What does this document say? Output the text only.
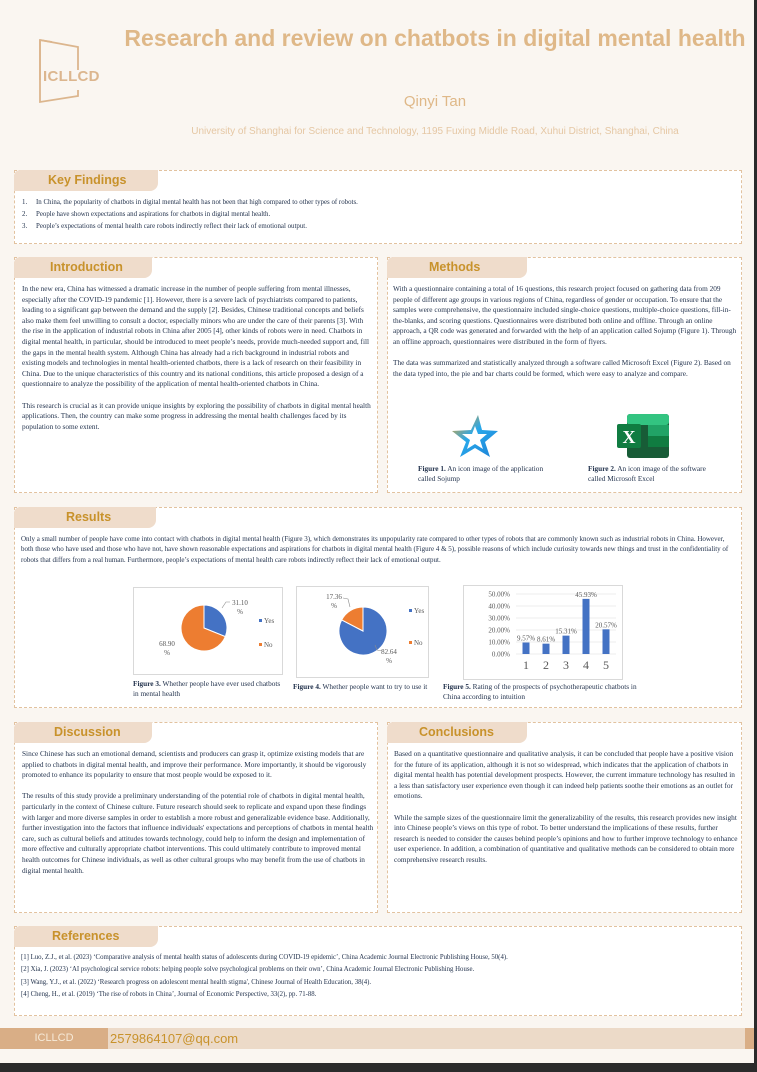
ICLLCD
Research and review on chatbots in digital mental health
Qinyi Tan
University of Shanghai for Science and Technology, 1195 Fuxing Middle Road, Xuhui District, Shanghai, China
Key Findings
1. In China, the popularity of chatbots in digital mental health has not been that high compared to other types of robots.
2. People have shown expectations and aspirations for chatbots in digital mental health.
3. People’s expectations of mental health care robots indirectly reflect their lack of emotional output.
Introduction

In the new era, China has witnessed a dramatic increase in the number of people suffering from mental illnesses, especially after the COVID-19 pandemic [1]. However, there is a severe lack of psychiatrists compared to patients, leading to a significant gap between the demand and the supply [2]. Besides, Chinese traditional concepts and beliefs also make them feel unwilling to consult a doctor, especially minors who are under the care of their parents [3]. With the rise in the application of industrial robots in China after 2005 [4], other kinds of robots were in need. Chatbots in digital mental health, in particular, should be introduced to meet people’s needs, provide much-needed support and, fill the gaps in the mental health system. Although China has already had a rich background in industrial robots and existing models and technologies in mental health-oriented chatbots, there is a lack of research on their feasibility in China. Due to the unique characteristics of this country and its national conditions, this article proposed a design of a questionnaire to analyze the possibility of the application of mental health-oriented chatbots in China.

This research is crucial as it can provide unique insights by exploring the possibility of chatbots in digital mental health applications. Then, the country can make some progress in addressing the mental health challenges faced by its population to some extent.

Methods

With a questionnaire containing a total of 16 questions, this research project focused on gathering data from 209 people of different age groups in various regions of China, regardless of gender or occupation. To ensure that the samples were comprehensive, the questionnaire included single-choice questions, multiple-choice questions, fill-in-the-blanks, and scoring questions. Questionnaires were distributed both online and offline. Through an online approach, a QR code was generated and forwarded with the help of an application called Sojump (Figure 1). Through an offline approach, questionnaires were distributed in the form of flyers.

The data was summarized and statistically analyzed through a software called Microsoft Excel (Figure 2). Based on the data typed into, the pie and bar charts could be formed, which were easy to analyze and compare.

Figure 1. An icon image of the application called Sojump
X
Figure 2. An icon image of the software called Microsoft Excel
Results

Only a small number of people have come into contact with chatbots in digital mental health (Figure 3), which demonstrates its unpopularity rate compared to other types of robots that are commonly known such as industrial robots in China. However, both those who have used and those who have not, have shown reasonable expectations and aspirations for chatbots in digital mental health (Figure 4 & 5), possible reasons of which include curiosity towards new things and trust in the confidentiality of robots that differs from a real human. Furthermore, people’s expectations of mental health care robots indirectly reflect their lack of emotional output.

31.10
%
68.90
%
Yes
No
Figure 3. Whether people have ever used chatbots in mental health
82.64
%
17.36
%
Yes
No
Figure 4. Whether people want to try to use it
0.00%
10.00%
20.00%
30.00%
40.00%
50.00%
9.57%
1
8.61%
2
15.31%
3
45.93%
4
20.57%
5
Figure 5. Rating of the prospects of psychotherapeutic chatbots in China according to intuition
Discussion

Since Chinese has such an emotional demand, scientists and producers can grasp it, optimize existing models that are applied to chatbots in digital mental health, and improve their performance. More importantly, it should be vigorously promoted to enhance its popularity to ensure that most people would be exposed to it.

The results of this study provide a preliminary understanding of the potential role of chatbots in digital mental health, particularly in the context of Chinese culture. Future research should seek to replicate and expand upon these findings with larger and more diverse samples in order to establish a more robust and generalizable evidence base. Additionally, further investigation into the factors that influence individuals' expectations and perceptions of chatbots in mental health care, such as cultural beliefs and attitudes towards technology, could help to inform the design and implementation of more effective and culturally appropriate chatbot interventions. This could ultimately contribute to improved mental health outcomes for Chinese individuals, as well as other cultural groups who may benefit from the use of chatbots in digital mental health.

Conclusions

Based on a quantitative questionnaire and qualitative analysis, it can be concluded that people have a positive vision for the future of its application, although it is not so widespread, which indicates that the application of chatbots in digital mental health has potential development prospects. However, the current immature technology has resulted in a less than satisfactory user experience even though it can indeed help patients soothe their emotions as an outlet for emotions.

While the sample sizes of the questionnaire limit the generalizability of the results, this research provides new insight into Chinese people’s views on this type of robot. To better understand the implications of these results, further research is needed to consider the causes behind people’s opinions and how to further improve technology to enhance user experience. In addition, a combination of quantitative and qualitative methods can be considered to obtain more comprehensive research results.

References
[1] Luo, Z.J., et al. (2023) ‘Comparative analysis of mental health status of adolescents during COVID-19 epidemic’, China Academic Journal Electronic Publishing House, 50(4).
[2] Xia, J. (2023) ‘AI psychological service robots: helping people solve psychological problems on their own’, China Academic Journal Electronic Publishing House.
[3] Wang, Y.J., et al. (2022) ‘Research progress on adolescent mental health stigma', Chinese Journal of Health Education, 38(4).
[4] Cheng, H., et al. (2019) ‘The rise of robots in China’, Journal of Economic Perspective, 33(2), pp. 71-88.
ICLLCD	2579864107@qq.com
